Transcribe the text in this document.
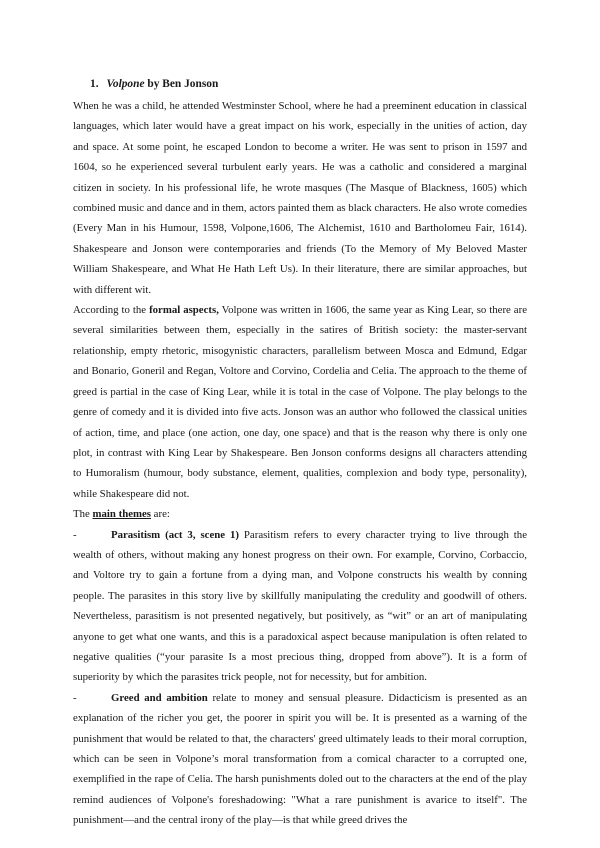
1. Volpone by Ben Jonson

When he was a child, he attended Westminster School, where he had a preeminent education in classical languages, which later would have a great impact on his work, especially in the unities of action, day and space. At some point, he escaped London to become a writer. He was sent to prison in 1597 and 1604, so he experienced several turbulent early years. He was a catholic and considered a marginal citizen in society. In his professional life, he wrote masques (The Masque of Blackness, 1605) which combined music and dance and in them, actors painted them as black characters. He also wrote comedies (Every Man in his Humour, 1598, Volpone,1606, The Alchemist, 1610 and Bartholomeu Fair, 1614). Shakespeare and Jonson were contemporaries and friends (To the Memory of My Beloved Master William Shakespeare, and What He Hath Left Us). In their literature, there are similar approaches, but with different wit.

According to the formal aspects, Volpone was written in 1606, the same year as King Lear, so there are several similarities between them, especially in the satires of British society: the master-servant relationship, empty rhetoric, misogynistic characters, parallelism between Mosca and Edmund, Edgar and Bonario, Goneril and Regan, Voltore and Corvino, Cordelia and Celia. The approach to the theme of greed is partial in the case of King Lear, while it is total in the case of Volpone. The play belongs to the genre of comedy and it is divided into five acts. Jonson was an author who followed the classical unities of action, time, and place (one action, one day, one space) and that is the reason why there is only one plot, in contrast with King Lear by Shakespeare. Ben Jonson conforms designs all characters attending to Humoralism (humour, body substance, element, qualities, complexion and body type, personality), while Shakespeare did not.

The main themes are:

-	Parasitism (act 3, scene 1) Parasitism refers to every character trying to live through the wealth of others, without making any honest progress on their own. For example, Corvino, Corbaccio, and Voltore try to gain a fortune from a dying man, and Volpone constructs his wealth by conning people. The parasites in this story live by skillfully manipulating the credulity and goodwill of others. Nevertheless, parasitism is not presented negatively, but positively, as “wit” or an art of manipulating anyone to get what one wants, and this is a paradoxical aspect because manipulation is often related to negative qualities (“your parasite Is a most precious thing, dropped from above”). It is a form of superiority by which the parasites trick people, not for necessity, but for ambition.

-	Greed and ambition relate to money and sensual pleasure. Didacticism is presented as an explanation of the richer you get, the poorer in spirit you will be. It is presented as a warning of the punishment that would be related to that, the characters' greed ultimately leads to their moral corruption, which can be seen in Volpone’s moral transformation from a comical character to a corrupted one, exemplified in the rape of Celia. The harsh punishments doled out to the characters at the end of the play remind audiences of Volpone's foreshadowing: "What a rare punishment is avarice to itself". The punishment—and the central irony of the play—is that while greed drives the
